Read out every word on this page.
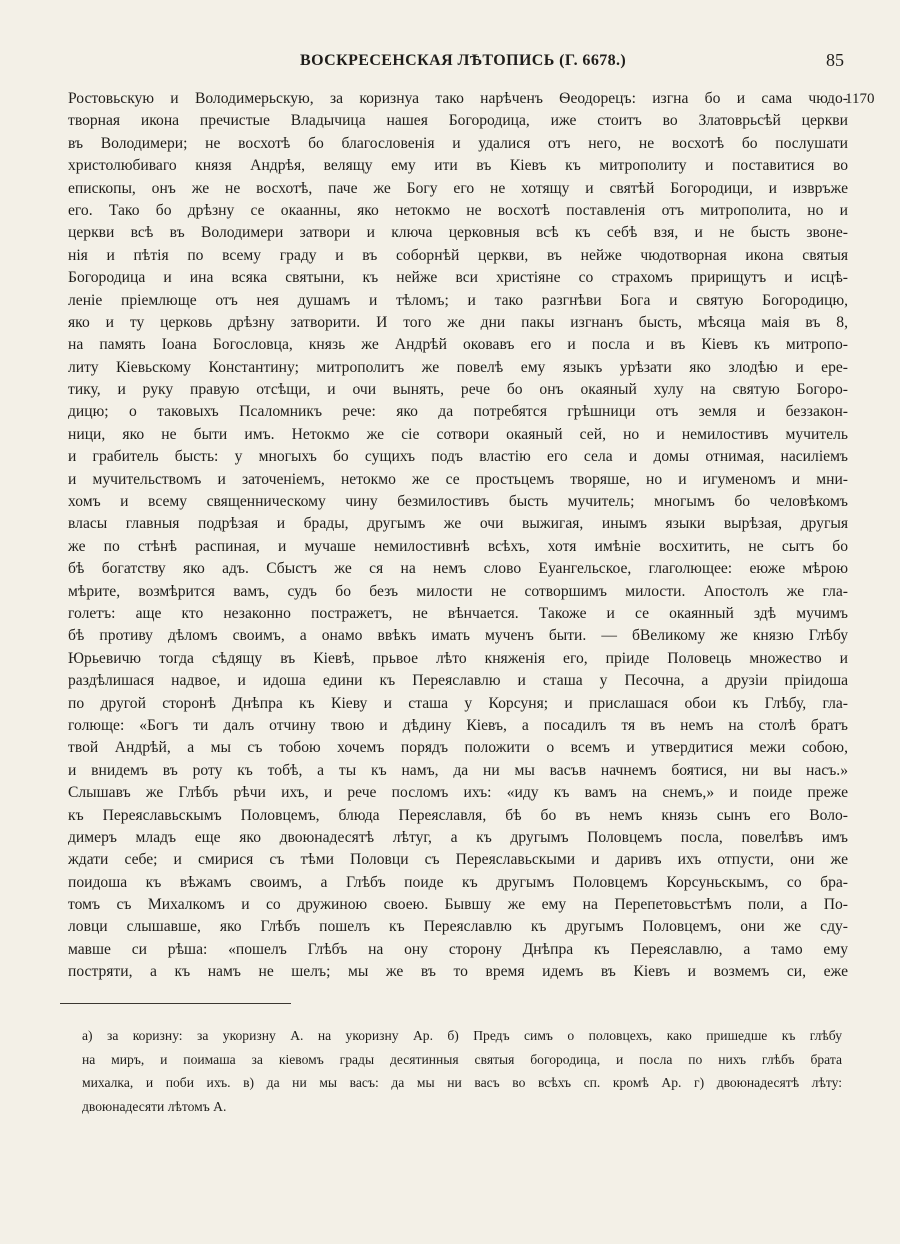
ВОСКРЕСЕНСКАЯ ЛѢТОПИСЬ (Г. 6678.)	85
1170
Ростовьскую и Володимерьскую, за коризнуа тако нарѣченъ Ѳеодорецъ: изгна бо и сама чюдо-
творная икона пречистые Владычица нашея Богородица, иже стоитъ во Златоврьсѣй церкви
въ Володимери; не восхотѣ бо благословенія и удалися отъ него, не восхотѣ бо послушати
христолюбиваго князя Андрѣя, велящу ему ити въ Кіевъ къ митрополиту и поставитися во
епископы, онъ же не восхотѣ, паче же Богу его не хотящу и святѣй Богородици, и извръже
его. Тако бо дрѣзну се окаанны, яко нетокмо не восхотѣ поставленія отъ митрополита, но и
церкви всѣ въ Володимери затвори и ключа церковныя всѣ къ себѣ взя, и не бысть звоне-
нія и пѣтія по всему граду и въ соборнѣй церкви, въ нейже чюдотворная икона святыя
Богородица и ина всяка святыни, къ нейже вси христіяне со страхомъ пририщутъ и исцѣ-
леніе пріемлюще отъ нея душамъ и тѣломъ; и тако разгнѣви Бога и святую Богородицю,
яко и ту церковь дрѣзну затворити. И того же дни пакы изгнанъ бысть, мѣсяца маія въ 8,
на память Іоана Богословца, князь же Андрѣй оковавъ его и посла и въ Кіевъ къ митропо-
литу Кіевьскому Константину; митрополитъ же повелѣ ему языкъ урѣзати яко злодѣю и ере-
тику, и руку правую отсѣщи, и очи вынять, рече бо онъ окаяный хулу на святую Богоро-
дицю; о таковыхъ Псаломникъ рече: яко да потребятся грѣшници отъ земля и беззакон-
ници, яко не быти имъ. Нетокмо же сіе сотвори окаяный сей, но и немилостивъ мучитель
и грабитель бысть: у многыхъ бо сущихъ подъ властію его села и домы отнимая, насиліемъ
и мучительствомъ и заточеніемъ, нетокмо же се простьцемъ творяше, но и игуменомъ и мни-
хомъ и всему священническому чину безмилостивъ бысть мучитель; многымъ бо человѣкомъ
власы главныя подрѣзая и брады, другымъ же очи выжигая, инымъ языки вырѣзая, другыя
же по стѣнѣ распиная, и мучаше немилостивнѣ всѣхъ, хотя имѣніе восхитить, не сытъ бо
бѣ богатству яко адъ. Сбыстъ же ся на немъ слово Еуангельское, глаголющее: еюже мѣрою
мѣрите, возмѣрится вамъ, судъ бо безъ милости не сотворшимъ милости. Апостолъ же гла-
голетъ: аще кто незаконно постражетъ, не вѣнчается. Такоже и се окаянный здѣ мучимъ
бѣ противу дѣломъ своимъ, а онамо ввѣкъ имать мученъ быти. — бВеликому же князю Глѣбу
Юрьевичю тогда сѣдящу въ Кіевѣ, прьвое лѣто княженія его, пріиде Половець множество и
раздѣлишася надвое, и идоша едини къ Переяславлю и сташа у Песочна, а друзіи пріидоша
по другой сторонѣ Днѣпра къ Кіеву и сташа у Корсуня; и прислашася обои къ Глѣбу, гла-
голюще: «Богъ ти далъ отчину твою и дѣдину Кіевъ, а посадилъ тя въ немъ на столѣ братъ
твой Андрѣй, а мы съ тобою хочемъ порядъ положити о всемъ и утвердитися межи собою,
и внидемъ въ роту къ тобѣ, а ты къ намъ, да ни мы васъв начнемъ боятися, ни вы насъ.»
Слышавъ же Глѣбъ рѣчи ихъ, и рече посломъ ихъ: «иду къ вамъ на снемъ,» и поиде преже
къ Переяславьскымъ Половцемъ, блюда Переяславля, бѣ бо въ немъ князь сынъ его Воло-
димеръ младъ еще яко двоюнадесятѣ лѣтуг, а къ другымъ Половцемъ посла, повелѣвъ имъ
ждати себе; и смирися съ тѣми Половци съ Переяславьскыми и даривъ ихъ отпусти, они же
поидоша къ вѣжамъ своимъ, а Глѣбъ поиде къ другымъ Половцемъ Корсуньскымъ, со бра-
томъ съ Михалкомъ и со дружиною своею. Бывшу же ему на Перепетовьстѣмъ поли, а По-
ловци слышавше, яко Глѣбъ пошелъ къ Переяславлю къ другымъ Половцемъ, они же сду-
мавше си рѣша: «пошелъ Глѣбъ на ону сторону Днѣпра къ Переяславлю, а тамо ему
постряти, а къ намъ не шелъ; мы же въ то время идемъ въ Кіевъ и возмемъ си, еже
а) за коризну: за укоризну А. на укоризну Ар. б) Предъ симъ о половцехъ, како пришедше къ глѣбу
на миръ, и поимаша за кіевомъ грады десятинныя святыя богородица, и посла по нихъ глѣбъ брата
михалка, и поби ихъ. в) да ни мы васъ: да мы ни васъ во всѣхъ сп. кромѣ Ар. г) двоюнадесятѣ лѣту:
двоюнадесяти лѣтомъ А.
